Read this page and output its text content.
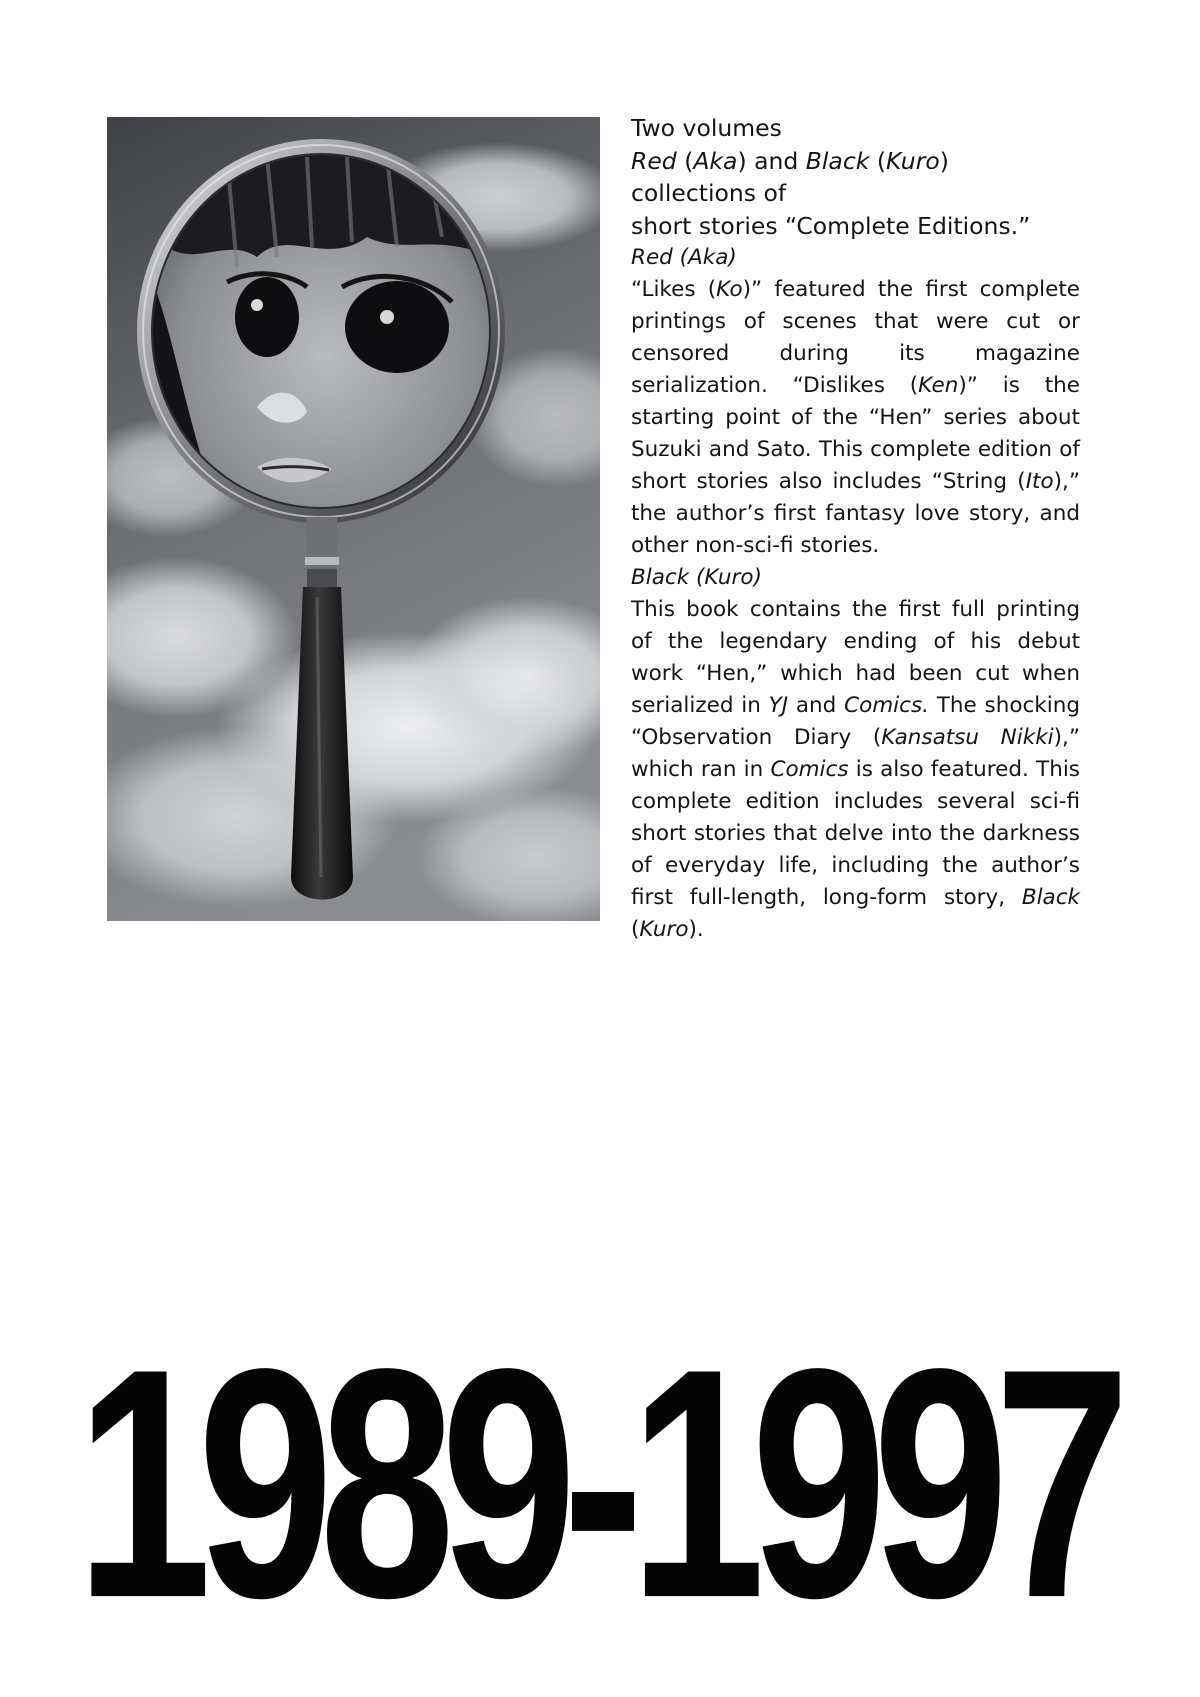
Two volumes
Red (Aka) and Black (Kuro) collections of
short stories “Complete Editions.”

Red (Aka)
“Likes (Ko)” featured the first complete printings of scenes that were cut or censored during its magazine serialization. “Dislikes (Ken)” is the starting point of the “Hen” series about Suzuki and Sato. This complete edition of short stories also includes “String (Ito),” the author’s first fantasy love story, and other non-sci-fi stories.

Black (Kuro)
This book contains the first full printing of the legendary ending of his debut work “Hen,” which had been cut when serialized in YJ and Comics. The shocking “Observation Diary (Kansatsu Nikki),” which ran in Comics is also featured. This complete edition includes several sci-fi short stories that delve into the darkness of everyday life, including the author’s first full-length, long-form story, Black (Kuro).

1989-1997
